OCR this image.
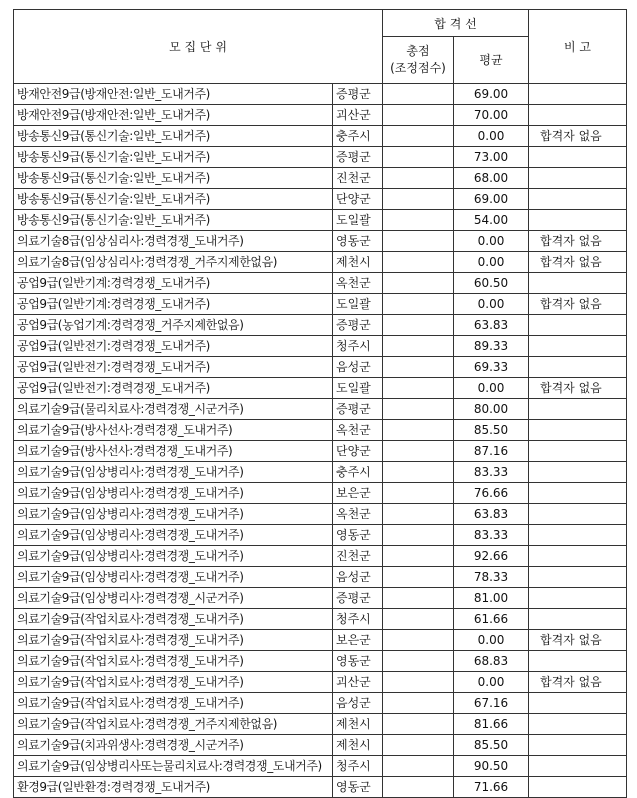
모 집 단 위		합 격 선		비 고

		총점
(조정점수)	평균	
방재안전9급(방재안전:일반_도내거주)	증평군		69.00	
방재안전9급(방재안전:일반_도내거주)	괴산군		70.00	
방송통신9급(통신기술:일반_도내거주)	충주시		0.00	합격자 없음
방송통신9급(통신기술:일반_도내거주)	증평군		73.00	
방송통신9급(통신기술:일반_도내거주)	진천군		68.00	
방송통신9급(통신기술:일반_도내거주)	단양군		69.00	
방송통신9급(통신기술:일반_도내거주)	도일괄		54.00	
의료기술8급(임상심리사:경력경쟁_도내거주)	영동군		0.00	합격자 없음
의료기술8급(임상심리사:경력경쟁_거주지제한없음)	제천시		0.00	합격자 없음
공업9급(일반기계:경력경쟁_도내거주)	옥천군		60.50	
공업9급(일반기계:경력경쟁_도내거주)	도일괄		0.00	합격자 없음
공업9급(농업기계:경력경쟁_거주지제한없음)	증평군		63.83	
공업9급(일반전기:경력경쟁_도내거주)	청주시		89.33	
공업9급(일반전기:경력경쟁_도내거주)	음성군		69.33	
공업9급(일반전기:경력경쟁_도내거주)	도일괄		0.00	합격자 없음
의료기술9급(물리치료사:경력경쟁_시군거주)	증평군		80.00	
의료기술9급(방사선사:경력경쟁_도내거주)	옥천군		85.50	
의료기술9급(방사선사:경력경쟁_도내거주)	단양군		87.16	
의료기술9급(임상병리사:경력경쟁_도내거주)	충주시		83.33	
의료기술9급(임상병리사:경력경쟁_도내거주)	보은군		76.66	
의료기술9급(임상병리사:경력경쟁_도내거주)	옥천군		63.83	
의료기술9급(임상병리사:경력경쟁_도내거주)	영동군		83.33	
의료기술9급(임상병리사:경력경쟁_도내거주)	진천군		92.66	
의료기술9급(임상병리사:경력경쟁_도내거주)	음성군		78.33	
의료기술9급(임상병리사:경력경쟁_시군거주)	증평군		81.00	
의료기술9급(작업치료사:경력경쟁_도내거주)	청주시		61.66	
의료기술9급(작업치료사:경력경쟁_도내거주)	보은군		0.00	합격자 없음
의료기술9급(작업치료사:경력경쟁_도내거주)	영동군		68.83	
의료기술9급(작업치료사:경력경쟁_도내거주)	괴산군		0.00	합격자 없음
의료기술9급(작업치료사:경력경쟁_도내거주)	음성군		67.16	
의료기술9급(작업치료사:경력경쟁_거주지제한없음)	제천시		81.66	
의료기술9급(치과위생사:경력경쟁_시군거주)	제천시		85.50	
의료기술9급(임상병리사또는물리치료사:경력경쟁_도내거주)	청주시		90.50	
환경9급(일반환경:경력경쟁_도내거주)	영동군		71.66	
